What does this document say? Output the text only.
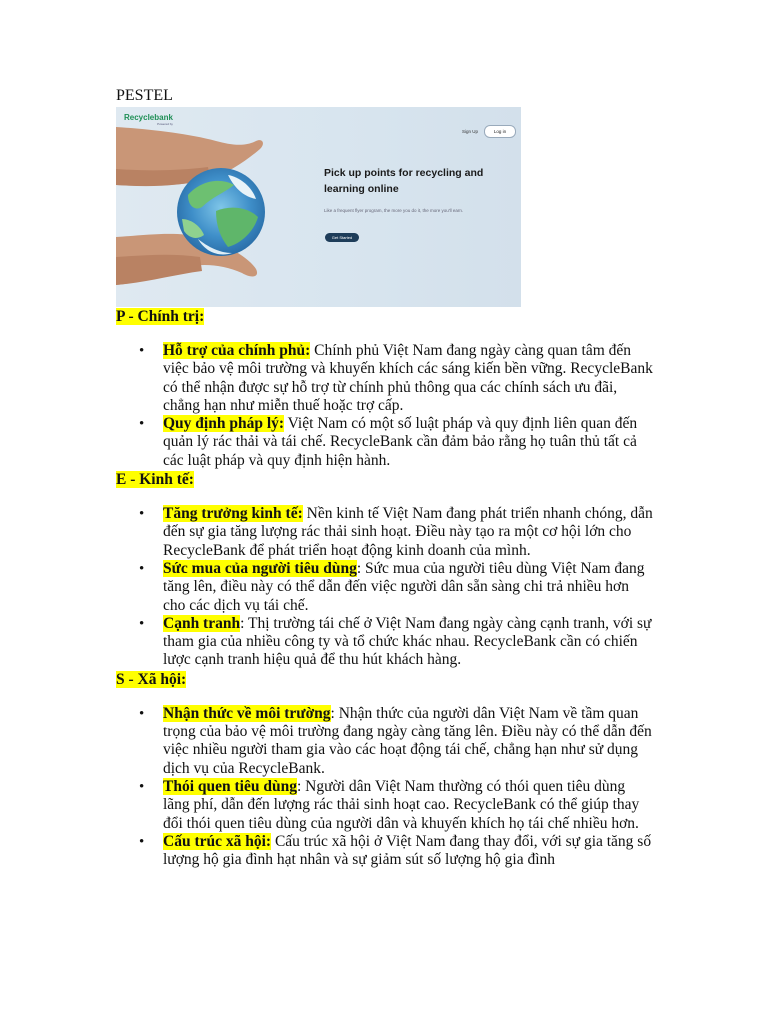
PESTEL

Recyclebank
Powered by
Sign Up	Log in
Pick up points for recycling and learning online
Like a frequent flyer program, the more you do it, the more you'll earn.
Get Started
P - Chính trị:
• Hỗ trợ của chính phủ: Chính phủ Việt Nam đang ngày càng quan tâm đến việc bảo vệ môi trường và khuyến khích các sáng kiến bền vững. RecycleBank có thể nhận được sự hỗ trợ từ chính phủ thông qua các chính sách ưu đãi, chẳng hạn như miễn thuế hoặc trợ cấp.
• Quy định pháp lý: Việt Nam có một số luật pháp và quy định liên quan đến quản lý rác thải và tái chế. RecycleBank cần đảm bảo rằng họ tuân thủ tất cả các luật pháp và quy định hiện hành.
E - Kinh tế:
• Tăng trưởng kinh tế: Nền kinh tế Việt Nam đang phát triển nhanh chóng, dẫn đến sự gia tăng lượng rác thải sinh hoạt. Điều này tạo ra một cơ hội lớn cho RecycleBank để phát triển hoạt động kinh doanh của mình.
• Sức mua của người tiêu dùng: Sức mua của người tiêu dùng Việt Nam đang tăng lên, điều này có thể dẫn đến việc người dân sẵn sàng chi trả nhiều hơn cho các dịch vụ tái chế.
• Cạnh tranh: Thị trường tái chế ở Việt Nam đang ngày càng cạnh tranh, với sự tham gia của nhiều công ty và tổ chức khác nhau. RecycleBank cần có chiến lược cạnh tranh hiệu quả để thu hút khách hàng.
S - Xã hội:
• Nhận thức về môi trường: Nhận thức của người dân Việt Nam về tầm quan trọng của bảo vệ môi trường đang ngày càng tăng lên. Điều này có thể dẫn đến việc nhiều người tham gia vào các hoạt động tái chế, chẳng hạn như sử dụng dịch vụ của RecycleBank.
• Thói quen tiêu dùng: Người dân Việt Nam thường có thói quen tiêu dùng lãng phí, dẫn đến lượng rác thải sinh hoạt cao. RecycleBank có thể giúp thay đổi thói quen tiêu dùng của người dân và khuyến khích họ tái chế nhiều hơn.
• Cấu trúc xã hội: Cấu trúc xã hội ở Việt Nam đang thay đổi, với sự gia tăng số lượng hộ gia đình hạt nhân và sự giảm sút số lượng hộ gia đình
